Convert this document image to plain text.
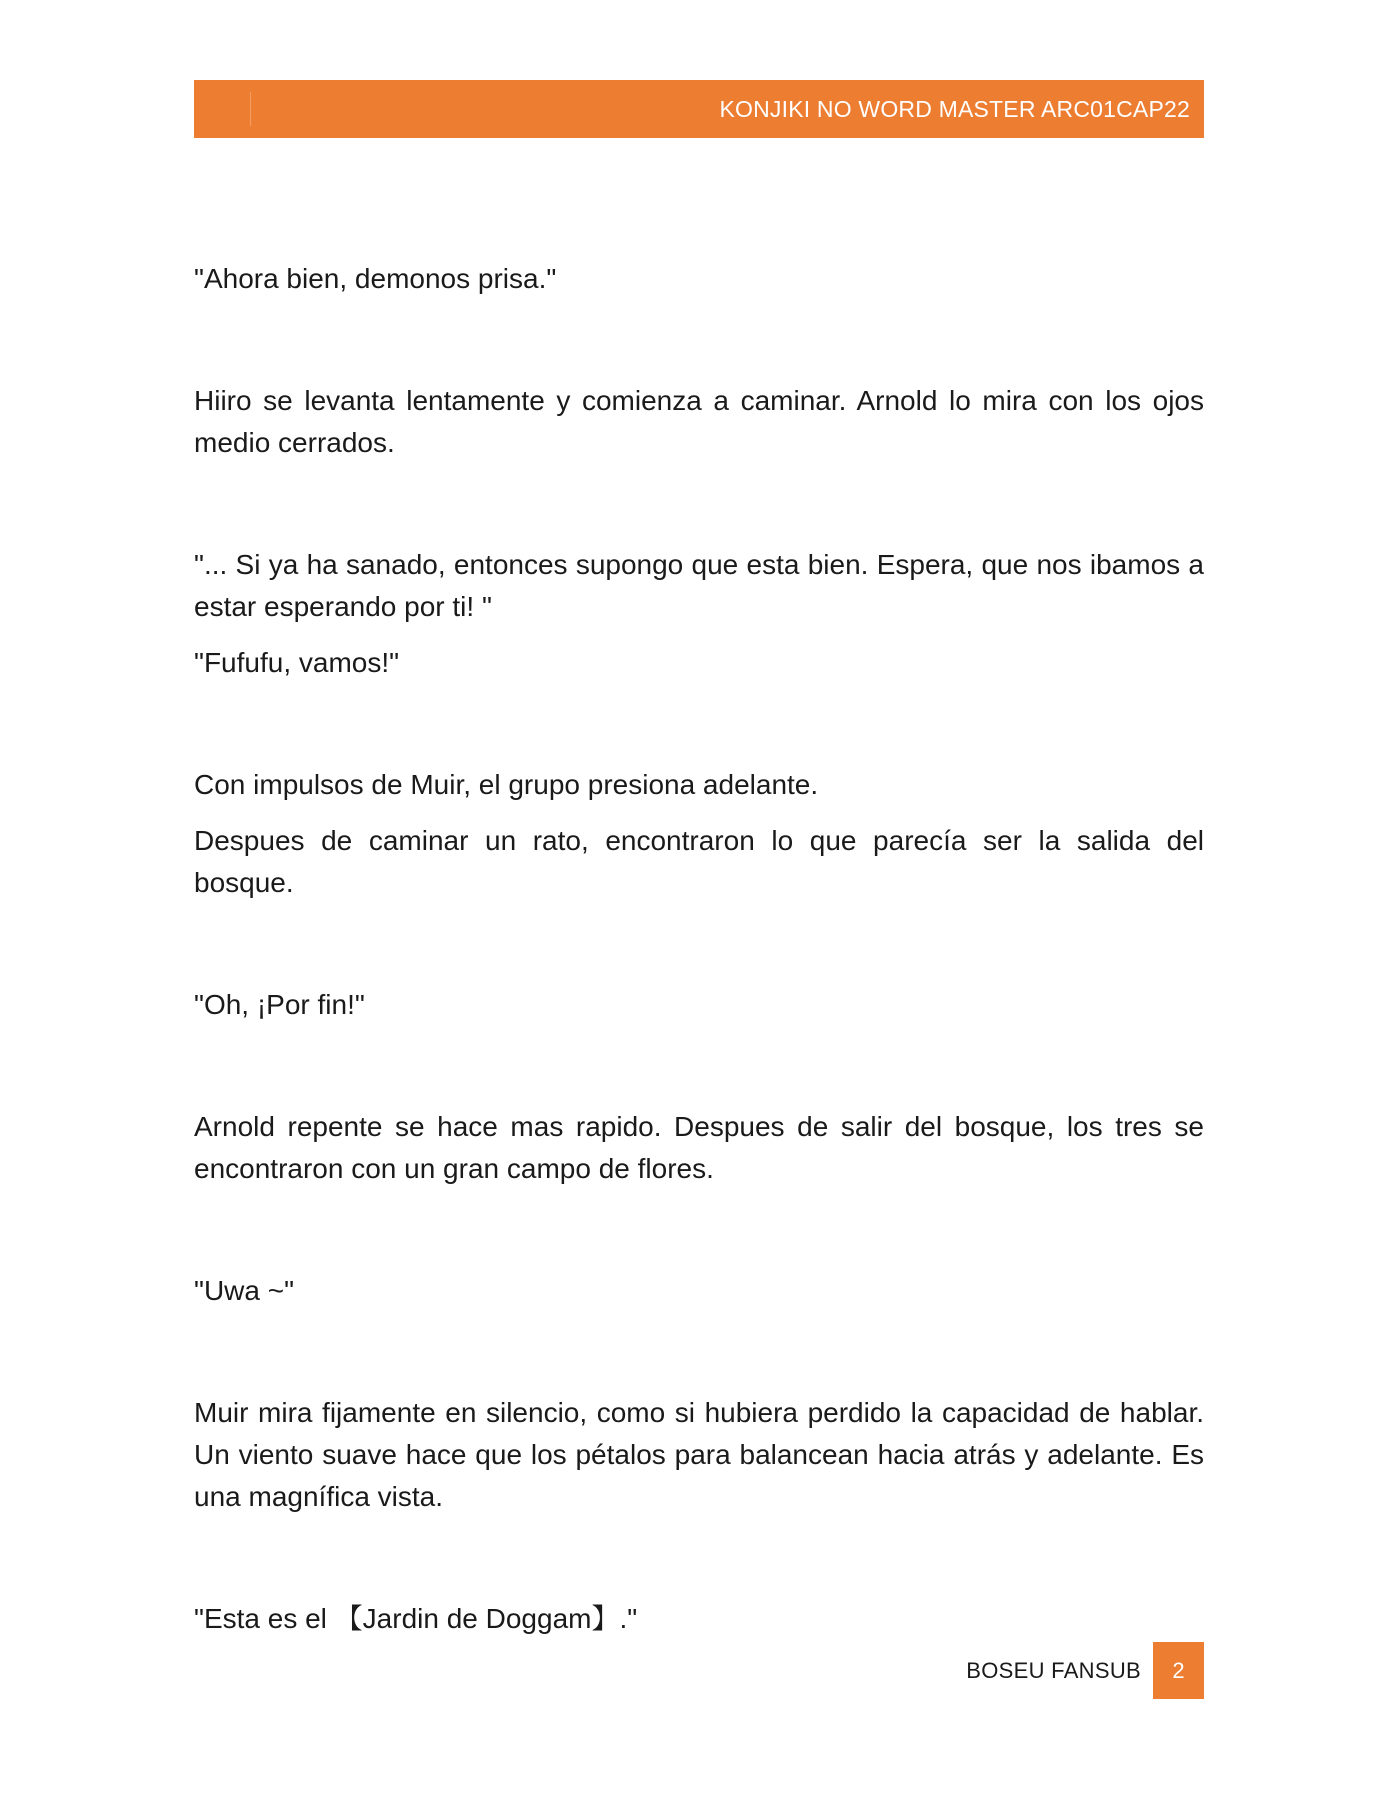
KONJIKI NO WORD MASTER ARC01CAP22

"Ahora bien, demonos prisa."

Hiiro se levanta lentamente y comienza a caminar. Arnold lo mira con los ojos medio cerrados.

"... Si ya ha sanado, entonces supongo que esta bien. Espera, que nos ibamos a estar esperando por ti! "

"Fufufu, vamos!"

Con impulsos de Muir, el grupo presiona adelante.

Despues de caminar un rato, encontraron lo que parecía ser la salida del bosque.

"Oh, ¡Por fin!"

Arnold repente se hace mas rapido. Despues de salir del bosque, los tres se encontraron con un gran campo de flores.

"Uwa ~"

Muir mira fijamente en silencio, como si hubiera perdido la capacidad de hablar. Un viento suave hace que los pétalos para balancean hacia atrás y adelante. Es una magnífica vista.

"Esta es el 【Jardin de Doggam】."

BOSEU FANSUB 2
